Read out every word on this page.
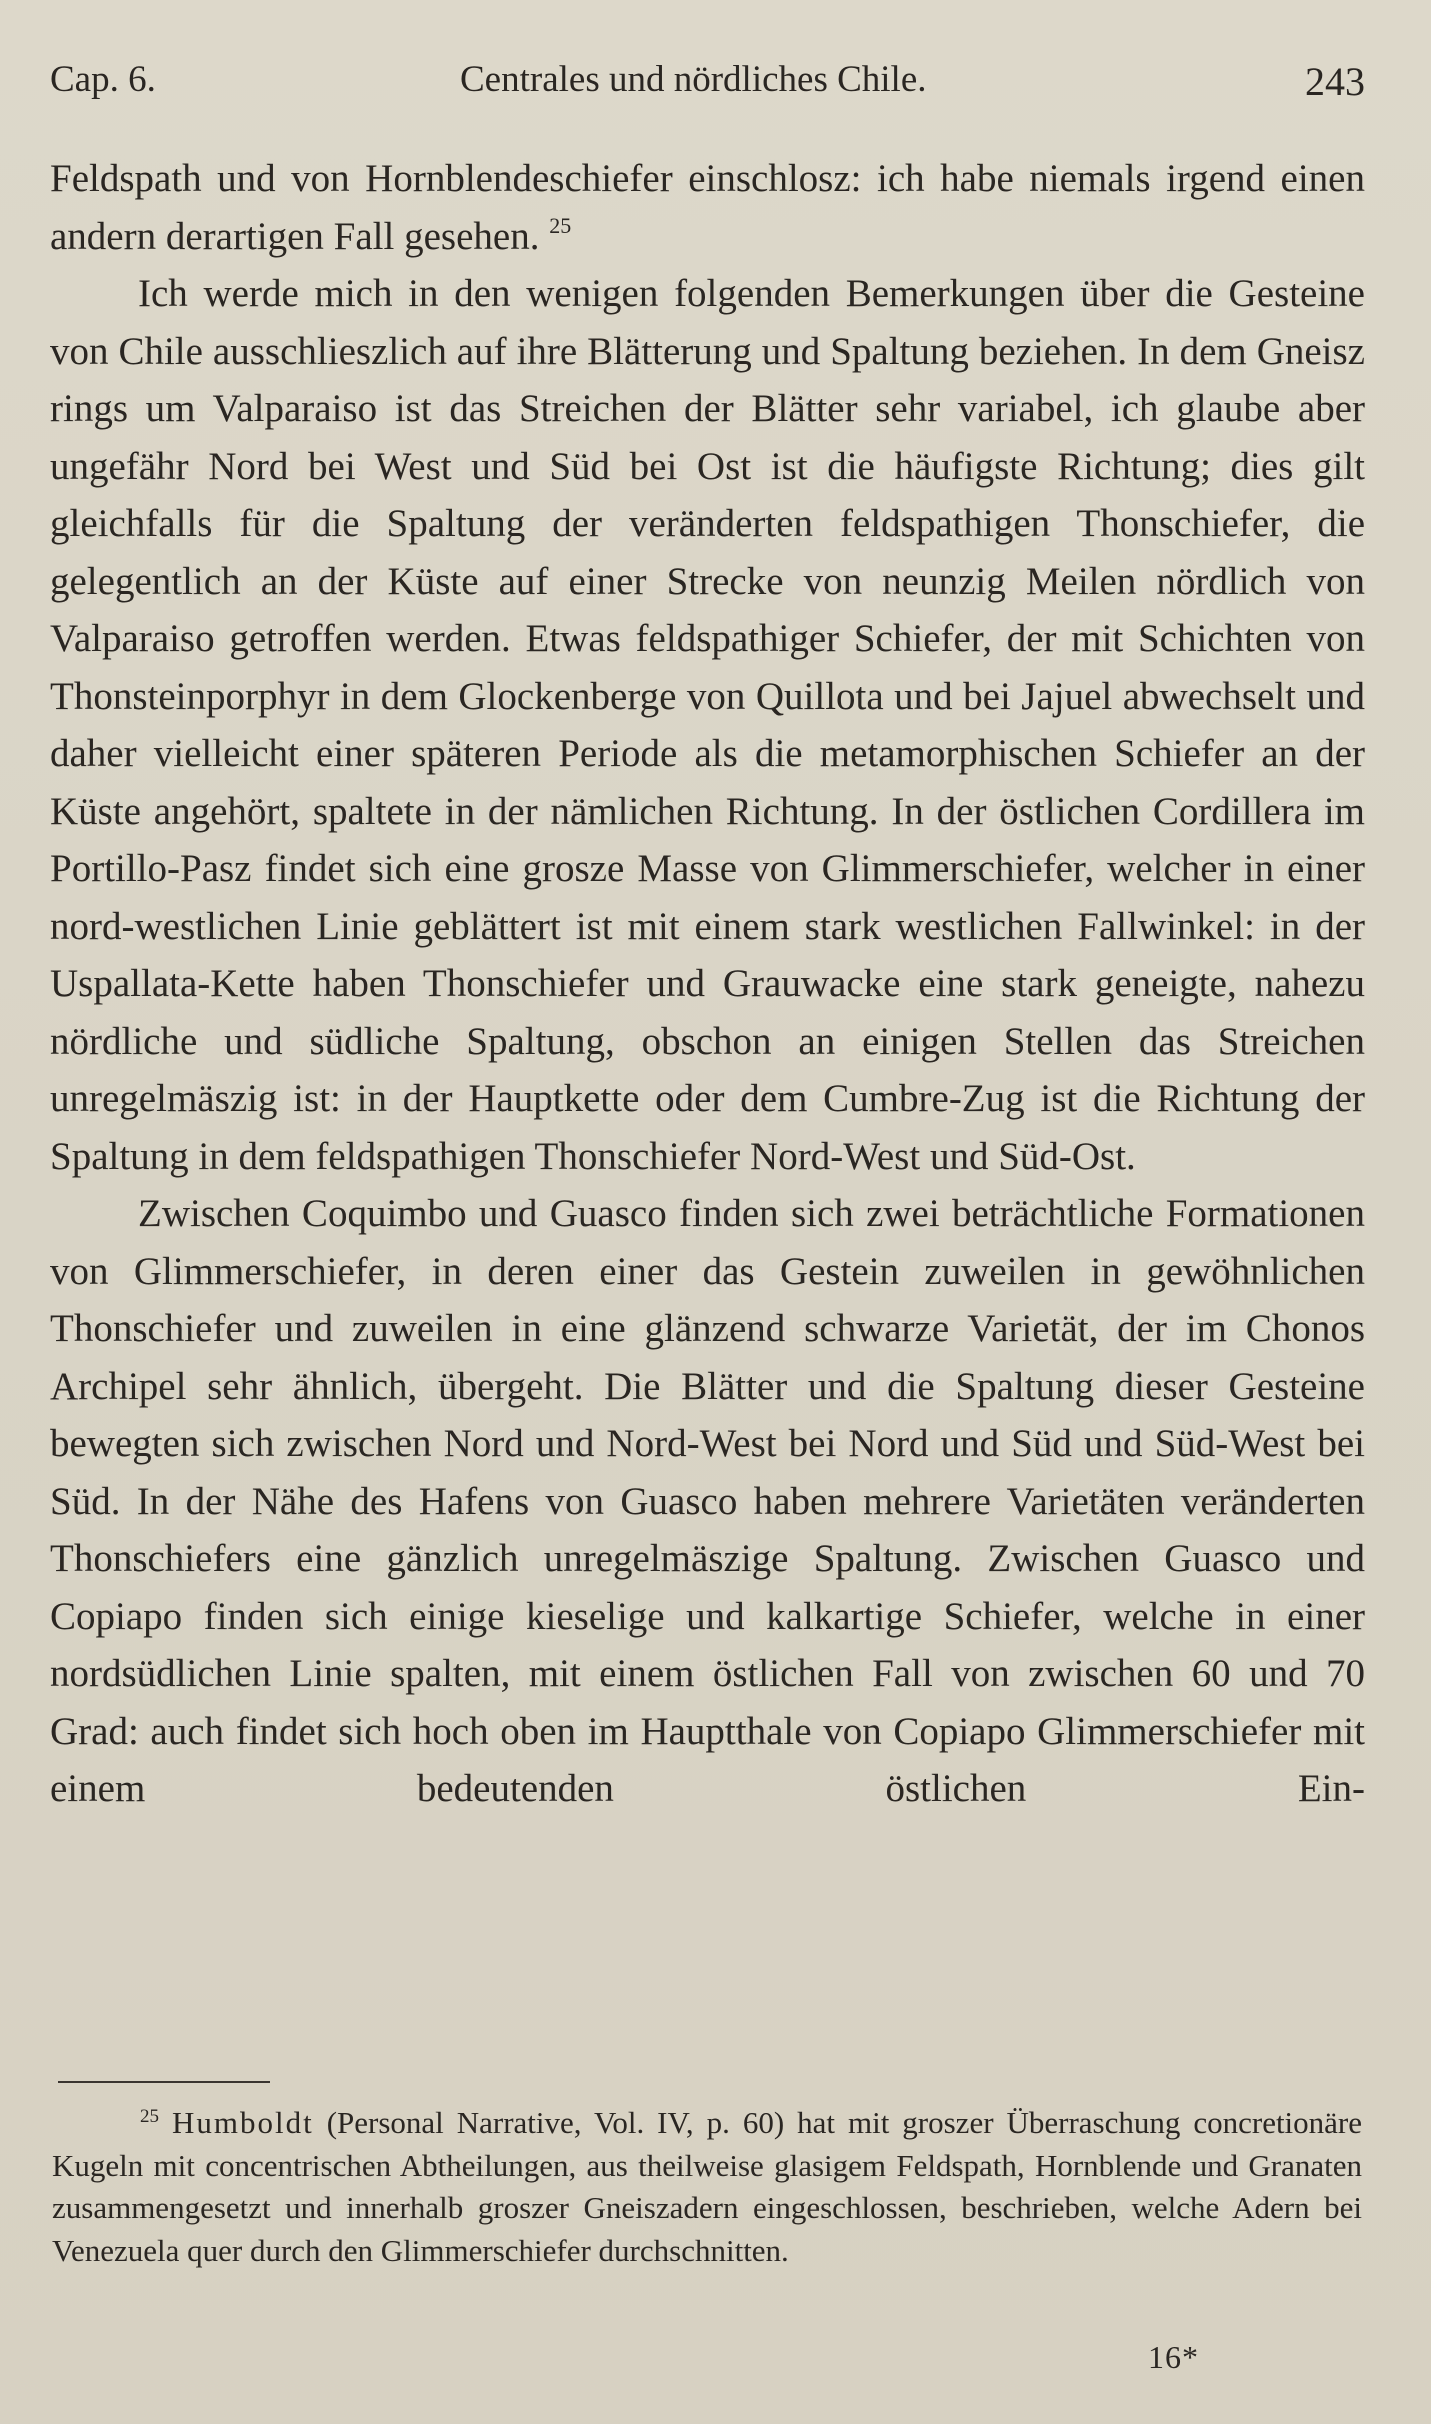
Cap. 6.	Centrales und nördliches Chile.	243

Feldspath und von Hornblendeschiefer einschlosz: ich habe niemals irgend einen andern derartigen Fall gesehen. $^{25}$

Ich werde mich in den wenigen folgenden Bemerkungen über die Gesteine von Chile ausschlieszlich auf ihre Blätterung und Spaltung beziehen. In dem Gneisz rings um Valparaiso ist das Streichen der Blätter sehr variabel, ich glaube aber ungefähr Nord bei West und Süd bei Ost ist die häufigste Richtung; dies gilt gleichfalls für die Spaltung der veränderten feldspathigen Thonschiefer, die gelegentlich an der Küste auf einer Strecke von neunzig Meilen nördlich von Valparaiso getroffen werden. Etwas feldspathiger Schiefer, der mit Schichten von Thonsteinporphyr in dem Glockenberge von Quillota und bei Jajuel abwechselt und daher vielleicht einer späteren Periode als die metamorphischen Schiefer an der Küste angehört, spaltete in der nämlichen Richtung. In der östlichen Cordillera im Portillo-Pasz findet sich eine grosze Masse von Glimmerschiefer, welcher in einer nord-westlichen Linie geblättert ist mit einem stark westlichen Fallwinkel: in der Uspallata-Kette haben Thonschiefer und Grauwacke eine stark geneigte, nahezu nördliche und südliche Spaltung, obschon an einigen Stellen das Streichen unregelmäszig ist: in der Hauptkette oder dem Cumbre-Zug ist die Richtung der Spaltung in dem feldspathigen Thonschiefer Nord-West und Süd-Ost.

Zwischen Coquimbo und Guasco finden sich zwei beträchtliche Formationen von Glimmerschiefer, in deren einer das Gestein zuweilen in gewöhnlichen Thonschiefer und zuweilen in eine glänzend schwarze Varietät, der im Chonos Archipel sehr ähnlich, übergeht. Die Blätter und die Spaltung dieser Gesteine bewegten sich zwischen Nord und Nord-West bei Nord und Süd und Süd-West bei Süd. In der Nähe des Hafens von Guasco haben mehrere Varietäten veränderten Thonschiefers eine gänzlich unregelmäszige Spaltung. Zwischen Guasco und Copiapo finden sich einige kieselige und kalkartige Schiefer, welche in einer nordsüdlichen Linie spalten, mit einem östlichen Fall von zwischen 60 und 70 Grad: auch findet sich hoch oben im Hauptthale von Copiapo Glimmerschiefer mit einem bedeutenden östlichen Ein-

$^{25}$ Humboldt (Personal Narrative, Vol. IV, p. 60) hat mit groszer Überraschung concretionäre Kugeln mit concentrischen Abtheilungen, aus theilweise glasigem Feldspath, Hornblende und Granaten zusammengesetzt und innerhalb groszer Gneiszadern eingeschlossen, beschrieben, welche Adern bei Venezuela quer durch den Glimmerschiefer durchschnitten.
16*
